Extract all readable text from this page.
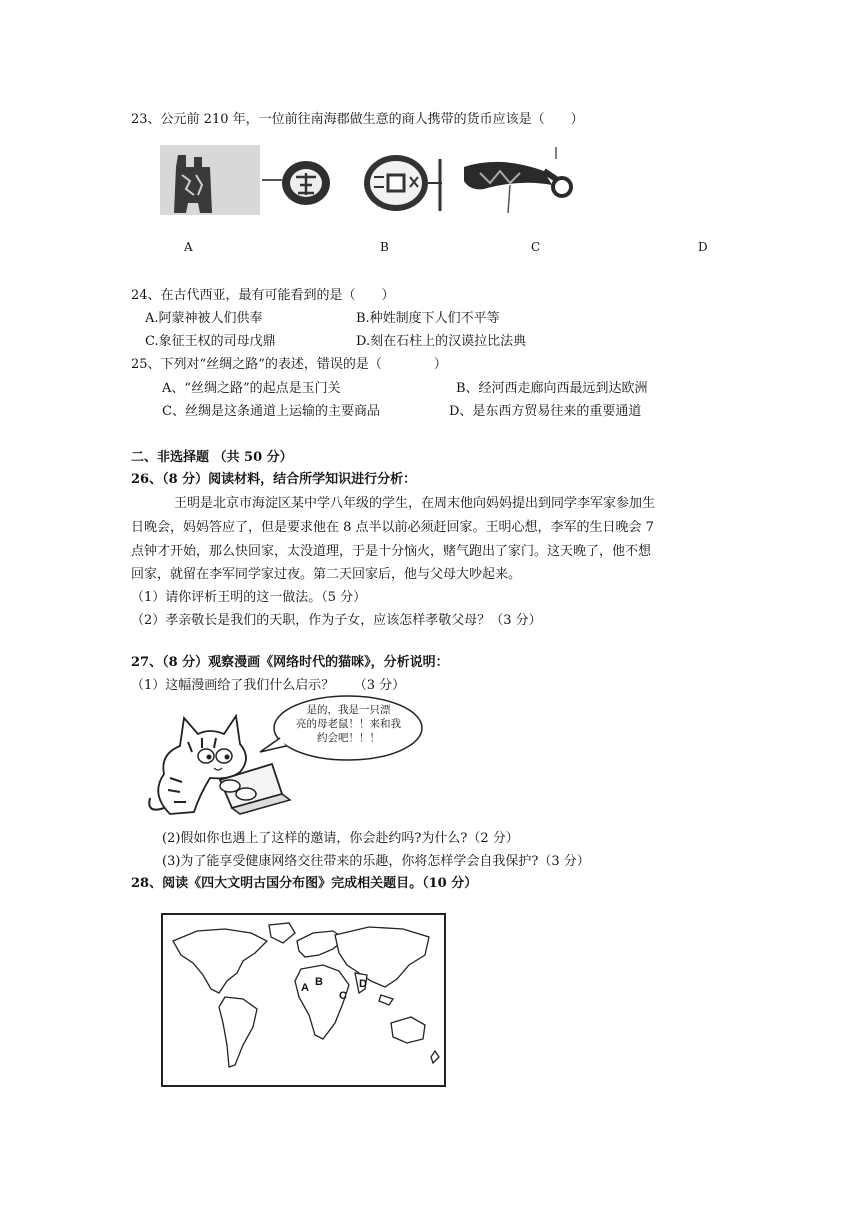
23、公元前 210 年，一位前往南海郡做生意的商人携带的货币应该是（　　）
A	B	C	D
24、在古代西亚，最有可能看到的是（　　）
A.阿蒙神被人们供奉	B.种姓制度下人们不平等
C.象征王权的司母戊鼎	D.刻在石柱上的汉谟拉比法典
25、下列对“丝绸之路”的表述，错误的是（　　　　）
A、“丝绸之路”的起点是玉门关	B、经河西走廊向西最远到达欧洲
C、丝绸是这条通道上运输的主要商品	D、是东西方贸易往来的重要通道
二、非选择题 （共 50 分）
26、（8 分）阅读材料，结合所学知识进行分析：
王明是北京市海淀区某中学八年级的学生，在周末他向妈妈提出到同学李军家参加生
日晚会，妈妈答应了，但是要求他在 8 点半以前必须赶回家。王明心想，李军的生日晚会 7
点钟才开始，那么快回家，太没道理，于是十分恼火，赌气跑出了家门。这天晚了，他不想
回家，就留在李军同学家过夜。第二天回家后，他与父母大吵起来。
（1）请你评析王明的这一做法。（5 分）
（2）孝亲敬长是我们的天职，作为子女，应该怎样孝敬父母？（3 分）
27、（8 分）观察漫画《网络时代的猫咪》，分析说明：
（1）这幅漫画给了我们什么启示？　　（3 分）
是的，我是一只漂
亮的母老鼠！！来和我
约会吧！！！
(2)假如你也遇上了这样的邀请，你会赴约吗?为什么?（2 分）
(3)为了能享受健康网络交往带来的乐趣，你将怎样学会自我保护?（3 分）
28、阅读《四大文明古国分布图》完成相关题目。（10 分）
A B
C
D
